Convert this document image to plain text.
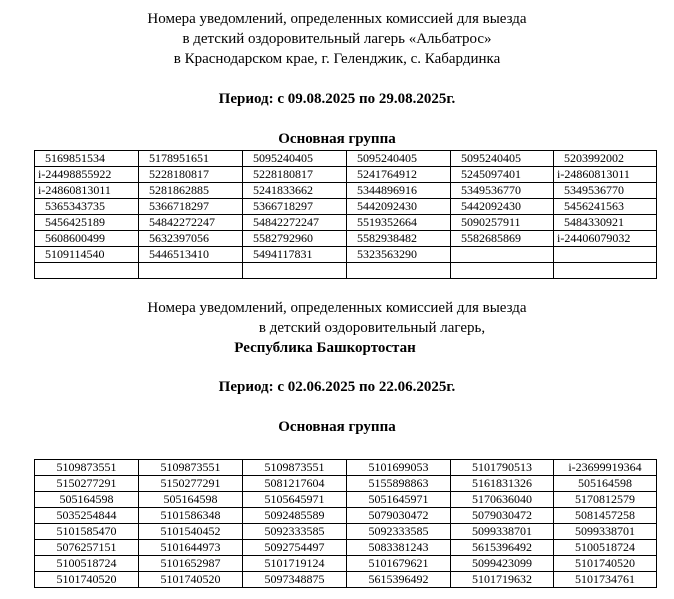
Номера уведомлений, определенных комиссией для выезда
в детский оздоровительный лагерь «Альбатрос»
в Краснодарском крае, г. Геленджик, с. Кабардинка
Период: с 09.08.2025 по 29.08.2025г.
Основная группа
5169851534	5178951651	5095240405	5095240405	5095240405	5203992002
i-24498855922	5228180817	5228180817	5241764912	5245097401	i-24860813011
i-24860813011	5281862885	5241833662	5344896916	5349536770	5349536770
5365343735	5366718297	5366718297	5442092430	5442092430	5456241563
5456425189	54842272247	54842272247	5519352664	5090257911	5484330921
5608600499	5632397056	5582792960	5582938482	5582685869	i-24406079032
5109114540	5446513410	5494117831	5323563290		

Номера уведомлений, определенных комиссией для выезда
в детский оздоровительный лагерь,
Республика Башкортостан
Период: с 02.06.2025 по 22.06.2025г.
Основная группа
5109873551	5109873551	5109873551	5101699053	5101790513	i-23699919364
5150277291	5150277291	5081217604	5155898863	5161831326	505164598
505164598	505164598	5105645971	5051645971	5170636040	5170812579
5035254844	5101586348	5092485589	5079030472	5079030472	5081457258
5101585470	5101540452	5092333585	5092333585	5099338701	5099338701
5076257151	5101644973	5092754497	5083381243	5615396492	5100518724
5100518724	5101652987	5101719124	5101679621	5099423099	5101740520
5101740520	5101740520	5097348875	5615396492	5101719632	5101734761
